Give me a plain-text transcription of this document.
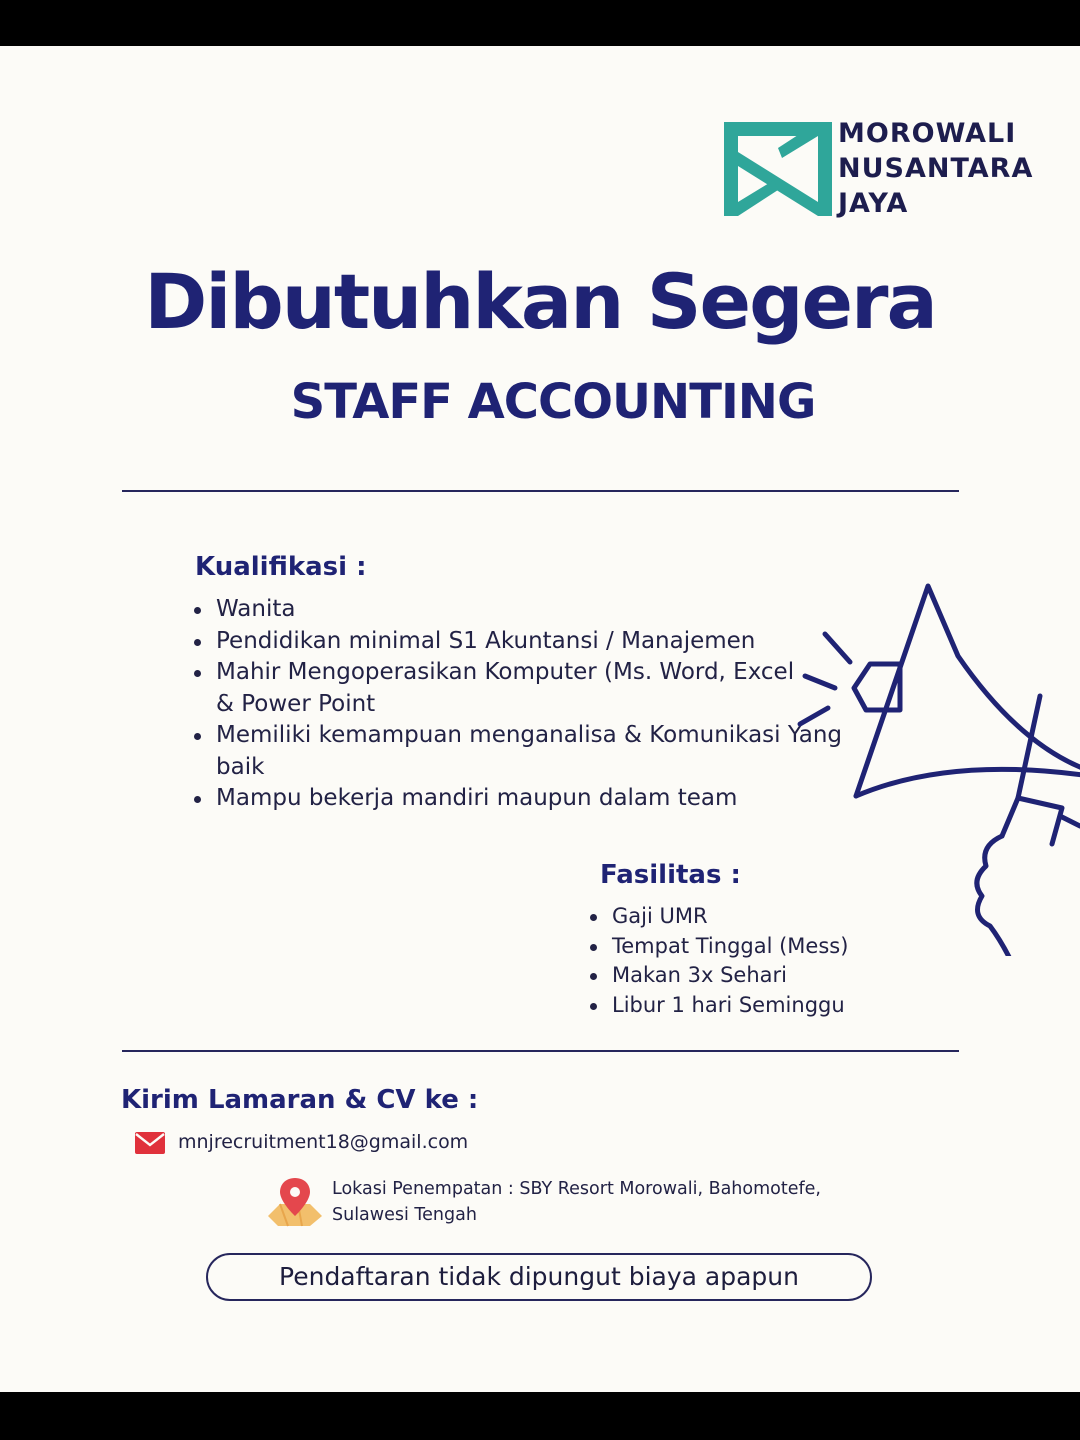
MOROWALI
NUSANTARA
JAYA
Dibutuhkan Segera
STAFF ACCOUNTING
Kualifikasi :
Wanita
Pendidikan minimal S1 Akuntansi / Manajemen
Mahir Mengoperasikan Komputer (Ms. Word, Excel & Power Point
Memiliki kemampuan menganalisa & Komunikasi Yang baik
Mampu bekerja mandiri maupun dalam team
Fasilitas :
Gaji UMR
Tempat Tinggal (Mess)
Makan 3x Sehari
Libur 1 hari Seminggu
Kirim Lamaran & CV ke :
mnjrecruitment18@gmail.com
Lokasi Penempatan : SBY Resort Morowali, Bahomotefe, Sulawesi Tengah
Pendaftaran tidak dipungut biaya apapun
